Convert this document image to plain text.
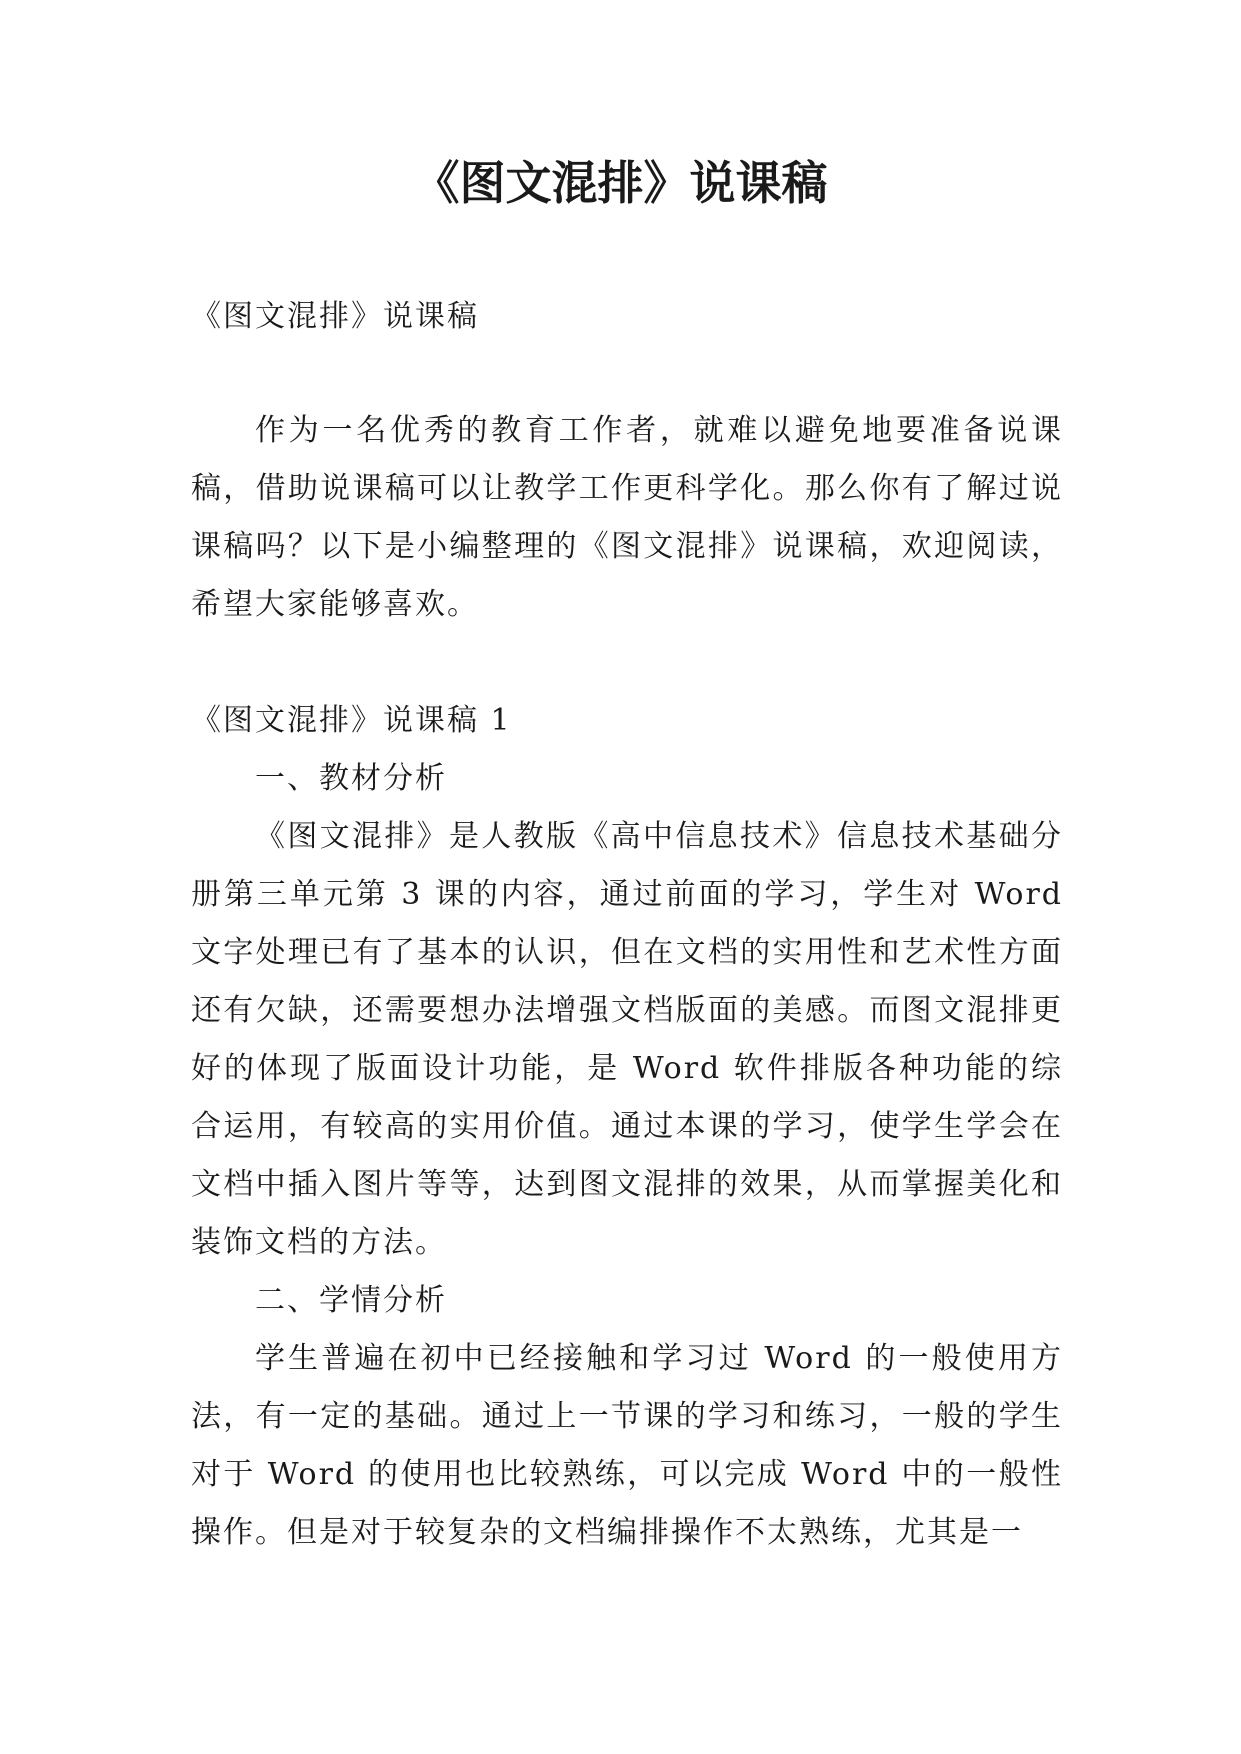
《图文混排》说课稿

《图文混排》说课稿

作为一名优秀的教育工作者，就难以避免地要准备说课稿，借助说课稿可以让教学工作更科学化。那么你有了解过说课稿吗？以下是小编整理的《图文混排》说课稿，欢迎阅读，希望大家能够喜欢。

《图文混排》说课稿 1

一、教材分析

《图文混排》是人教版《高中信息技术》信息技术基础分册第三单元第 3 课的内容，通过前面的学习，学生对 Word 文字处理已有了基本的认识，但在文档的实用性和艺术性方面还有欠缺，还需要想办法增强文档版面的美感。而图文混排更好的体现了版面设计功能，是 Word 软件排版各种功能的综合运用，有较高的实用价值。通过本课的学习，使学生学会在文档中插入图片等等，达到图文混排的效果，从而掌握美化和装饰文档的方法。

二、学情分析

学生普遍在初中已经接触和学习过 Word 的一般使用方法，有一定的基础。通过上一节课的学习和练习，一般的学生对于 Word 的使用也比较熟练，可以完成 Word 中的一般性操作。但是对于较复杂的文档编排操作不太熟练，尤其是一
